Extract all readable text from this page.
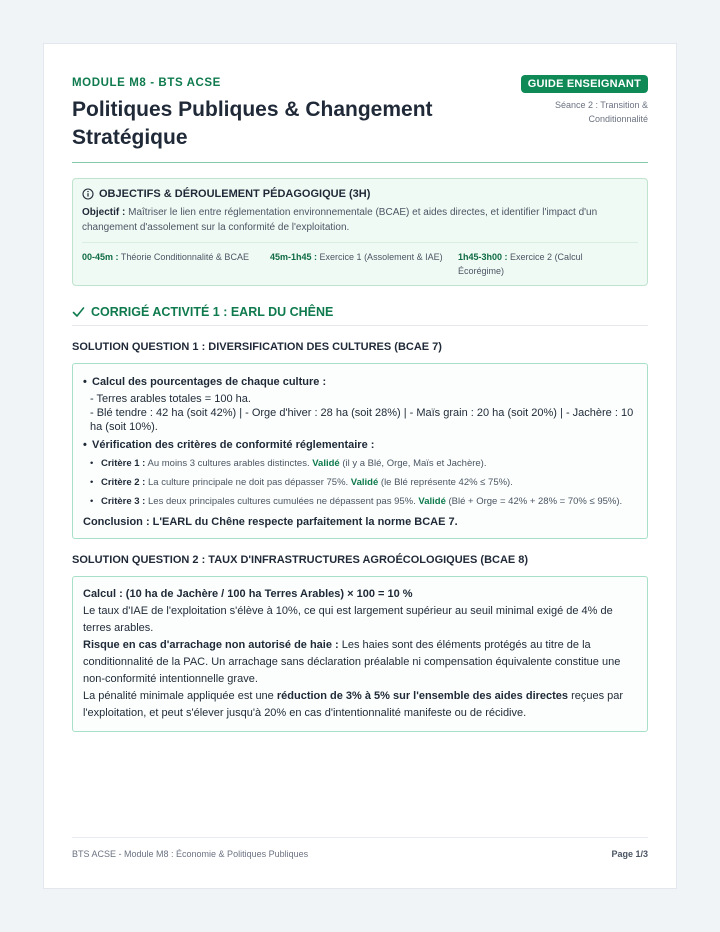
MODULE M8 - BTS ACSE
Politiques Publiques & Changement Stratégique
GUIDE ENSEIGNANT
Séance 2 : Transition & Conditionnalité
OBJECTIFS & DÉROULEMENT PÉDAGOGIQUE (3H)
Objectif : Maîtriser le lien entre réglementation environnementale (BCAE) et aides directes, et identifier l'impact d'un changement d'assolement sur la conformité de l'exploitation.
00-45m : Théorie Conditionnalité & BCAE	45m-1h45 : Exercice 1 (Assolement & IAE)	1h45-3h00 : Exercice 2 (Calcul Écorégime)
CORRIGÉ ACTIVITÉ 1 : EARL DU CHÊNE
SOLUTION QUESTION 1 : DIVERSIFICATION DES CULTURES (BCAE 7)
• Calcul des pourcentages de chaque culture :
- Terres arables totales = 100 ha.
- Blé tendre : 42 ha (soit 42%) | - Orge d'hiver : 28 ha (soit 28%) | - Maïs grain : 20 ha (soit 20%) | - Jachère : 10 ha (soit 10%).
• Vérification des critères de conformité réglementaire :
• Critère 1 : Au moins 3 cultures arables distinctes. Validé (il y a Blé, Orge, Maïs et Jachère).
• Critère 2 : La culture principale ne doit pas dépasser 75%. Validé (le Blé représente 42% ≤ 75%).
• Critère 3 : Les deux principales cultures cumulées ne dépassent pas 95%. Validé (Blé + Orge = 42% + 28% = 70% ≤ 95%).
Conclusion : L'EARL du Chêne respecte parfaitement la norme BCAE 7.
SOLUTION QUESTION 2 : TAUX D'INFRASTRUCTURES AGROÉCOLOGIQUES (BCAE 8)
Calcul : (10 ha de Jachère / 100 ha Terres Arables) × 100 = 10 %
Le taux d'IAE de l'exploitation s'élève à 10%, ce qui est largement supérieur au seuil minimal exigé de 4% de terres arables.
Risque en cas d'arrachage non autorisé de haie : Les haies sont des éléments protégés au titre de la conditionnalité de la PAC. Un arrachage sans déclaration préalable ni compensation équivalente constitue une non-conformité intentionnelle grave.
La pénalité minimale appliquée est une réduction de 3% à 5% sur l'ensemble des aides directes reçues par l'exploitation, et peut s'élever jusqu'à 20% en cas d'intentionnalité manifeste ou de récidive.
BTS ACSE - Module M8 : Économie & Politiques Publiques	Page 1/3
